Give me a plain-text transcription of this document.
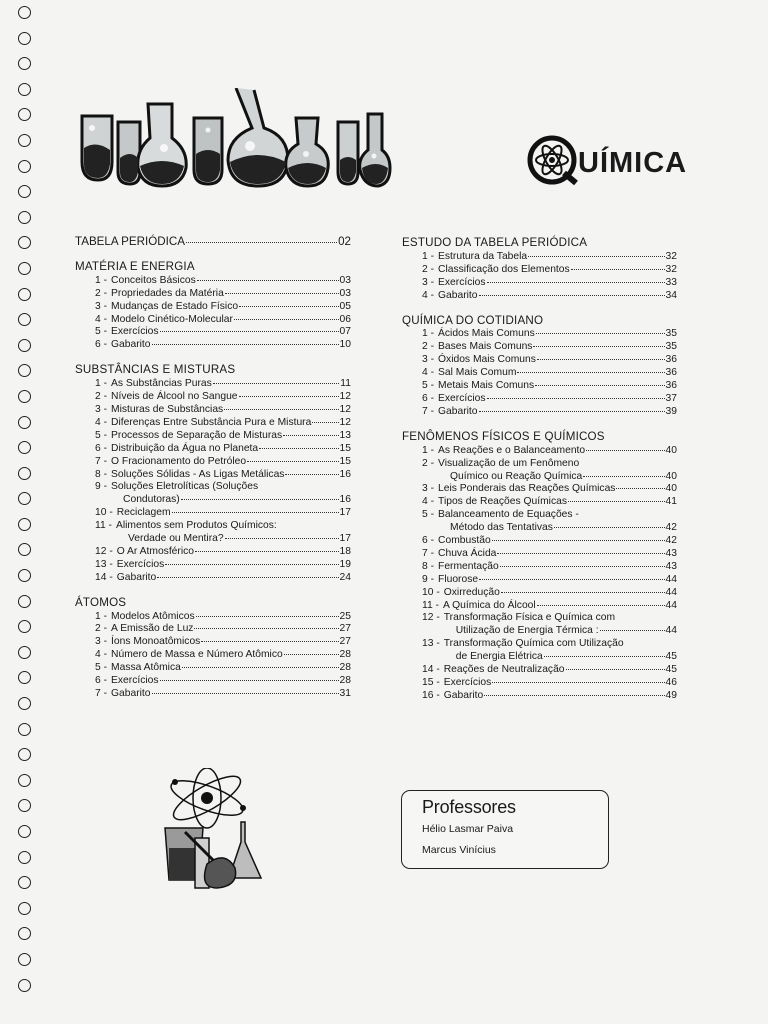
UÍMICA
TABELA PERIÓDICA	02
MATÉRIA E ENERGIA
1 - Conceitos Básicos	03
2 - Propriedades da Matéria	03
3 - Mudanças de Estado Físico	05
4 - Modelo Cinético-Molecular	06
5 - Exercícios	07
6 - Gabarito	10
SUBSTÂNCIAS E MISTURAS
1 - As Substâncias Puras	11
2 - Níveis de Álcool no Sangue	12
3 - Misturas de Substâncias	12
4 - Diferenças Entre Substância Pura e Mistura	12
5 - Processos de Separação de Misturas	13
6 - Distribuição da Água no Planeta	15
7 - O Fracionamento do Petróleo	15
8 - Soluções Sólidas - As Ligas Metálicas	16
9 - Soluções Eletrolíticas (Soluções
Condutoras)	16
10 - Reciclagem	17
11 - Alimentos sem Produtos Químicos:
Verdade ou Mentira?	17
12 - O Ar Atmosférico	18
13 - Exercícios	19
14 - Gabarito	24
ÁTOMOS
1 - Modelos Atômicos	25
2 - A Emissão de Luz	27
3 - Íons Monoatômicos	27
4 - Número de Massa e Número Atômico	28
5 - Massa Atômica	28
6 - Exercícios	28
7 - Gabarito	31
ESTUDO DA TABELA PERIÓDICA
1 - Estrutura da Tabela	32
2 - Classificação dos Elementos	32
3 - Exercícios	33
4 - Gabarito	34
QUÍMICA DO COTIDIANO
1 - Ácidos Mais Comuns	35
2 - Bases Mais Comuns	35
3 - Óxidos Mais Comuns	36
4 - Sal Mais Comum	36
5 - Metais Mais Comuns	36
6 - Exercícios	37
7 - Gabarito	39
FENÔMENOS FÍSICOS E QUÍMICOS
1 - As Reações e o Balanceamento	40
2 - Visualização de um Fenômeno
Químico ou Reação Química	40
3 - Leis Ponderais das Reações Químicas	40
4 - Tipos de Reações Químicas	41
5 - Balanceamento de Equações -
Método das Tentativas	42
6 - Combustão	42
7 - Chuva Ácida	43
8 - Fermentação	43
9 - Fluorose	44
10 - Oxirredução	44
11 - A Química do Álcool	44
12 - Transformação Física e Química com
Utilização de Energia Térmica :	44
13 - Transformação Química com Utilização
de Energia Elétrica	45
14 - Reações de Neutralização	45
15 - Exercícios	46
16 - Gabarito	49
Professores
Hélio Lasmar Paiva
Marcus Vinícius
